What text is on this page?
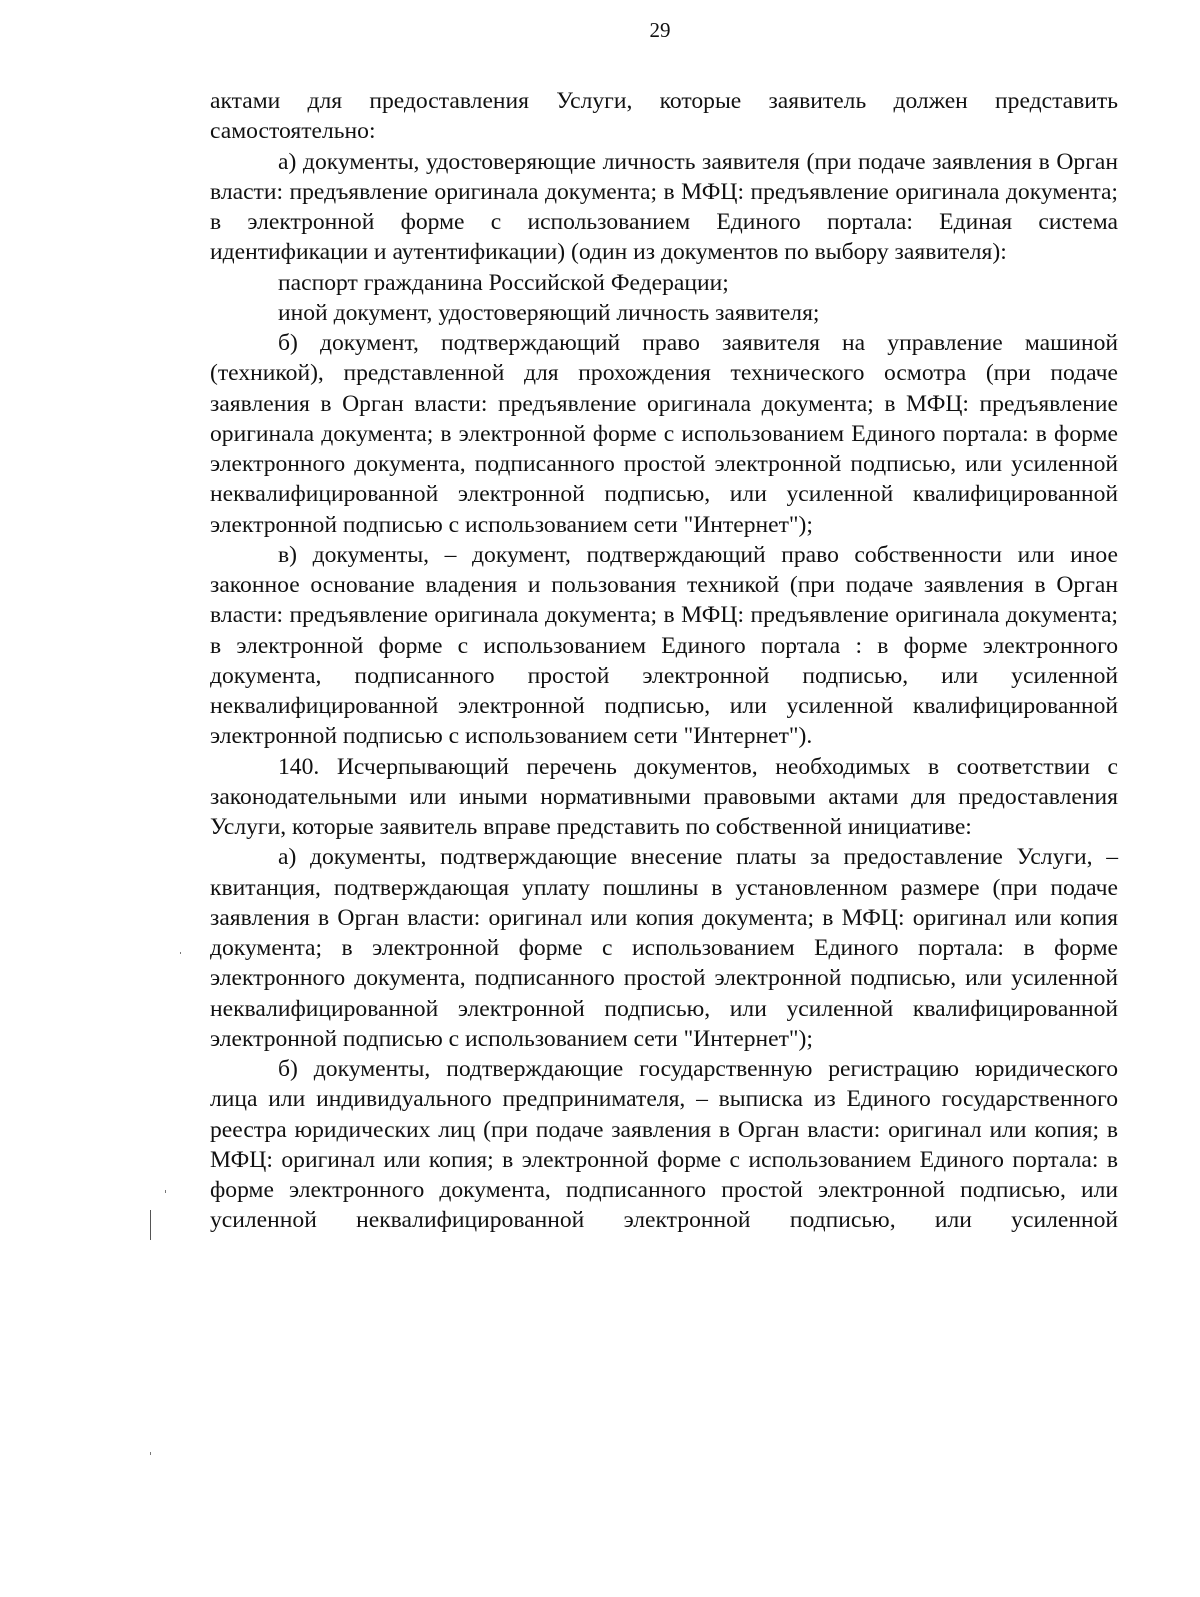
29

актами для предоставления Услуги, которые заявитель должен представить самостоятельно:

а) документы, удостоверяющие личность заявителя (при подаче заявления в Орган власти: предъявление оригинала документа; в МФЦ: предъявление оригинала документа; в электронной форме с использованием Единого портала: Единая система идентификации и аутентификации) (один из документов по выбору заявителя):

паспорт гражданина Российской Федерации;

иной документ, удостоверяющий личность заявителя;

б) документ, подтверждающий право заявителя на управление машиной (техникой), представленной для прохождения технического осмотра (при подаче заявления в Орган власти: предъявление оригинала документа; в МФЦ: предъявление оригинала документа; в электронной форме с использованием Единого портала: в форме электронного документа, подписанного простой электронной подписью, или усиленной неквалифицированной электронной подписью, или усиленной квалифицированной электронной подписью с использованием сети "Интернет");

в) документы, – документ, подтверждающий право собственности или иное законное основание владения и пользования техникой (при подаче заявления в Орган власти: предъявление оригинала документа; в МФЦ: предъявление оригинала документа; в электронной форме с использованием Единого портала : в форме электронного документа, подписанного простой электронной подписью, или усиленной неквалифицированной электронной подписью, или усиленной квалифицированной электронной подписью с использованием сети "Интернет").

140. Исчерпывающий перечень документов, необходимых в соответствии с законодательными или иными нормативными правовыми актами для предоставления Услуги, которые заявитель вправе представить по собственной инициативе:

а) документы, подтверждающие внесение платы за предоставление Услуги, – квитанция, подтверждающая уплату пошлины в установленном размере (при подаче заявления в Орган власти: оригинал или копия документа; в МФЦ: оригинал или копия документа; в электронной форме с использованием Единого портала: в форме электронного документа, подписанного простой электронной подписью, или усиленной неквалифицированной электронной подписью, или усиленной квалифицированной электронной подписью с использованием сети "Интернет");

б) документы, подтверждающие государственную регистрацию юридического лица или индивидуального предпринимателя, – выписка из Единого государственного реестра юридических лиц (при подаче заявления в Орган власти: оригинал или копия; в МФЦ: оригинал или копия; в электронной форме с использованием Единого портала: в форме электронного документа, подписанного простой электронной подписью, или усиленной неквалифицированной электронной подписью, или усиленной
